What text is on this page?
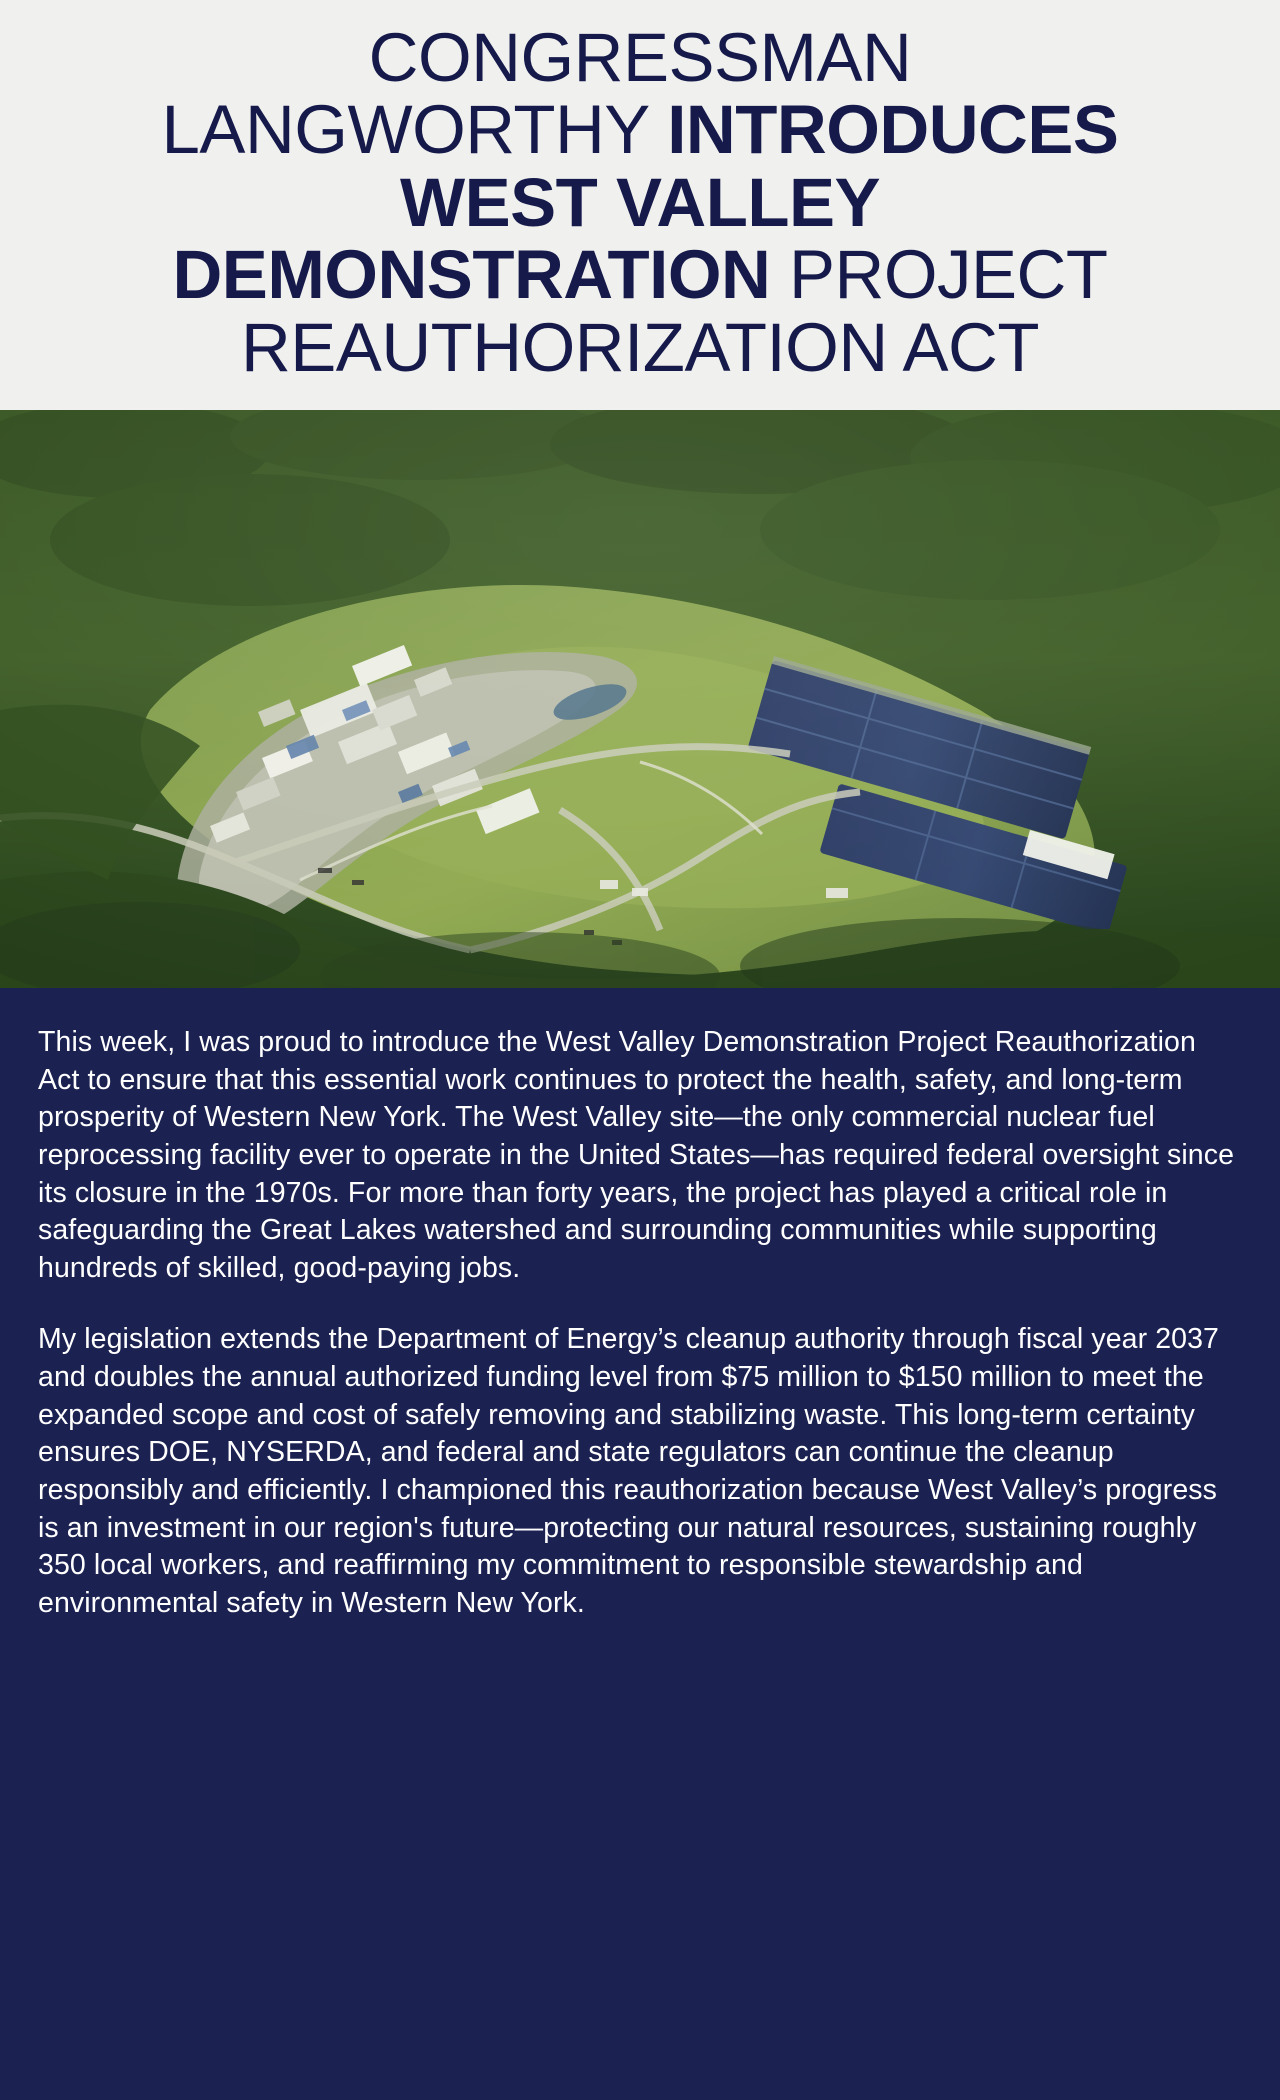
CONGRESSMAN
LANGWORTHY INTRODUCES
WEST VALLEY
DEMONSTRATION PROJECT
REAUTHORIZATION ACT

This week, I was proud to introduce the West Valley Demonstration Project Reauthorization Act to ensure that this essential work continues to protect the health, safety, and long-term prosperity of Western New York. The West Valley site—the only commercial nuclear fuel reprocessing facility ever to operate in the United States—has required federal oversight since its closure in the 1970s. For more than forty years, the project has played a critical role in safeguarding the Great Lakes watershed and surrounding communities while supporting hundreds of skilled, good-paying jobs.

My legislation extends the Department of Energy’s cleanup authority through fiscal year 2037 and doubles the annual authorized funding level from $75 million to $150 million to meet the expanded scope and cost of safely removing and stabilizing waste. This long-term certainty ensures DOE, NYSERDA, and federal and state regulators can continue the cleanup responsibly and efficiently. I championed this reauthorization because West Valley’s progress is an investment in our region's future—protecting our natural resources, sustaining roughly 350 local workers, and reaffirming my commitment to responsible stewardship and environmental safety in Western New York.
